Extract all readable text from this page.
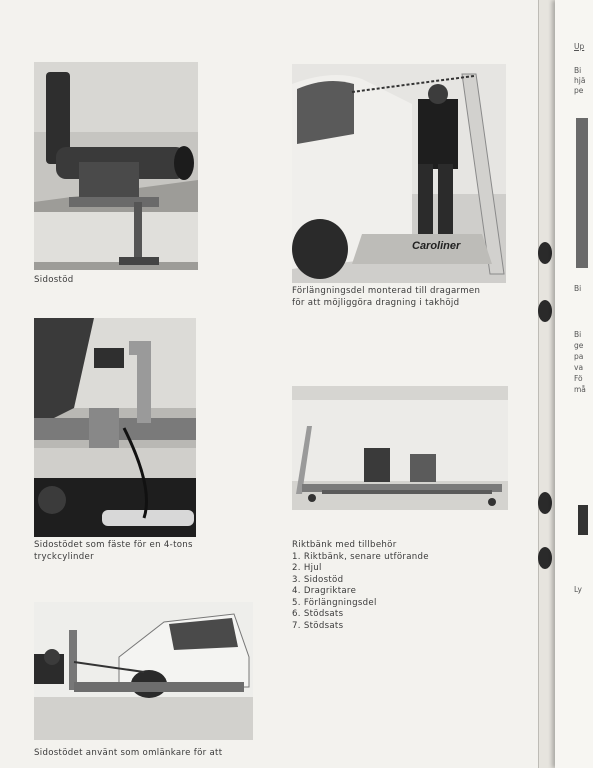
Sidostöd
Caroliner
Förlängningsdel monterad till dragarmen
för att möjliggöra dragning i takhöjd
Sidostödet som fäste för en 4-tons
tryckcylinder
Riktbänk med tillbehör
1. Riktbänk, senare utförande
2. Hjul
3. Sidostöd
4. Dragriktare
5. Förlängningsdel
6. Stödsats
7. Stödsats
Sidostödet använt som omlänkare för att
Up
Bi
hjä
pe
Bi
Bi
ge
pa
va
Fö
må
Ly
